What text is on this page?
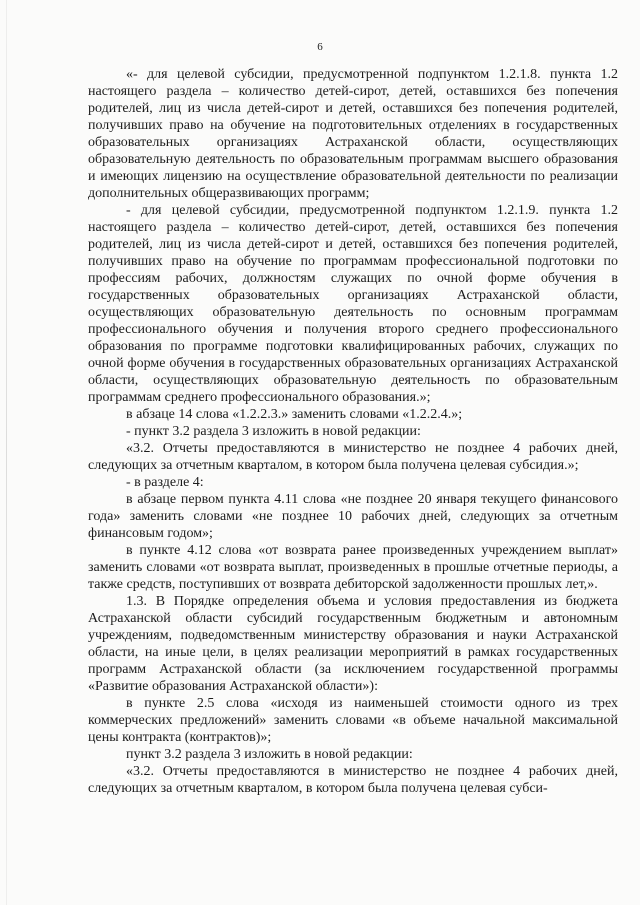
6

«- для целевой субсидии, предусмотренной подпунктом 1.2.1.8. пункта 1.2 настоящего раздела – количество детей-сирот, детей, оставшихся без попечения родителей, лиц из числа детей-сирот и детей, оставшихся без попечения родителей, получивших право на обучение на подготовительных отделениях в государственных образовательных организациях Астраханской области, осуществляющих образовательную деятельность по образовательным программам высшего образования и имеющих лицензию на осуществление образовательной деятельности по реализации дополнительных общеразвивающих программ;

- для целевой субсидии, предусмотренной подпунктом 1.2.1.9. пункта 1.2 настоящего раздела – количество детей-сирот, детей, оставшихся без попечения родителей, лиц из числа детей-сирот и детей, оставшихся без попечения родителей, получивших право на обучение по программам профессиональной подготовки по профессиям рабочих, должностям служащих по очной форме обучения в государственных образовательных организациях Астраханской области, осуществляющих образовательную деятельность по основным программам профессионального обучения и получения второго среднего профессионального образования по программе подготовки квалифицированных рабочих, служащих по очной форме обучения в государственных образовательных организациях Астраханской области, осуществляющих образовательную деятельность по образовательным программам среднего профессионального образования.»;

в абзаце 14 слова «1.2.2.3.» заменить словами «1.2.2.4.»;

- пункт 3.2 раздела 3 изложить в новой редакции:

«3.2. Отчеты предоставляются в министерство не позднее 4 рабочих дней, следующих за отчетным кварталом, в котором была получена целевая субсидия.»;

- в разделе 4:

в абзаце первом пункта 4.11 слова «не позднее 20 января текущего финансового года» заменить словами «не позднее 10 рабочих дней, следующих за отчетным финансовым годом»;

в пункте 4.12 слова «от возврата ранее произведенных учреждением выплат» заменить словами «от возврата выплат, произведенных в прошлые отчетные периоды, а также средств, поступивших от возврата дебиторской задолженности прошлых лет,».

1.3. В Порядке определения объема и условия предоставления из бюджета Астраханской области субсидий государственным бюджетным и автономным учреждениям, подведомственным министерству образования и науки Астраханской области, на иные цели, в целях реализации мероприятий в рамках государственных программ Астраханской области (за исключением государственной программы «Развитие образования Астраханской области»):

в пункте 2.5 слова «исходя из наименьшей стоимости одного из трех коммерческих предложений» заменить словами «в объеме начальной максимальной цены контракта (контрактов)»;

пункт 3.2 раздела 3 изложить в новой редакции:

«3.2. Отчеты предоставляются в министерство не позднее 4 рабочих дней, следующих за отчетным кварталом, в котором была получена целевая субси-
